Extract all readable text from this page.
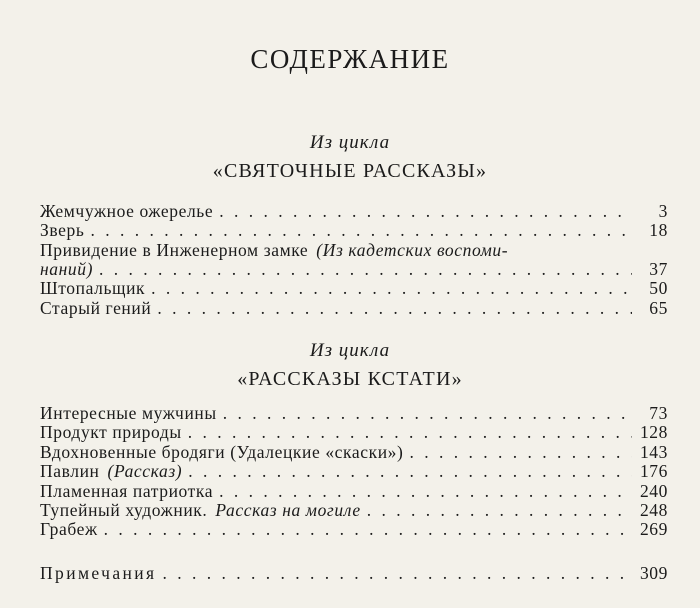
СОДЕРЖАНИЕ
Из цикла
«СВЯТОЧНЫЕ РАССКАЗЫ»
Жемчужное ожерелье . . .	3
Зверь . . .	18
Привидение в Инженерном замке (Из кадетских воспоми-
наний) . . .	37
Штопальщик . . .	50
Старый гений . . .	65
Из цикла
«РАССКАЗЫ КСТАТИ»
Интересные мужчины . . .	73
Продукт природы . . .	128
Вдохновенные бродяги (Удалецкие «скаски») . . .	143
Павлин (Рассказ) . . .	176
Пламенная патриотка . . .	240
Тупейный художник. Рассказ на могиле . . .	248
Грабеж . . .	269
Примечания . . .	309
